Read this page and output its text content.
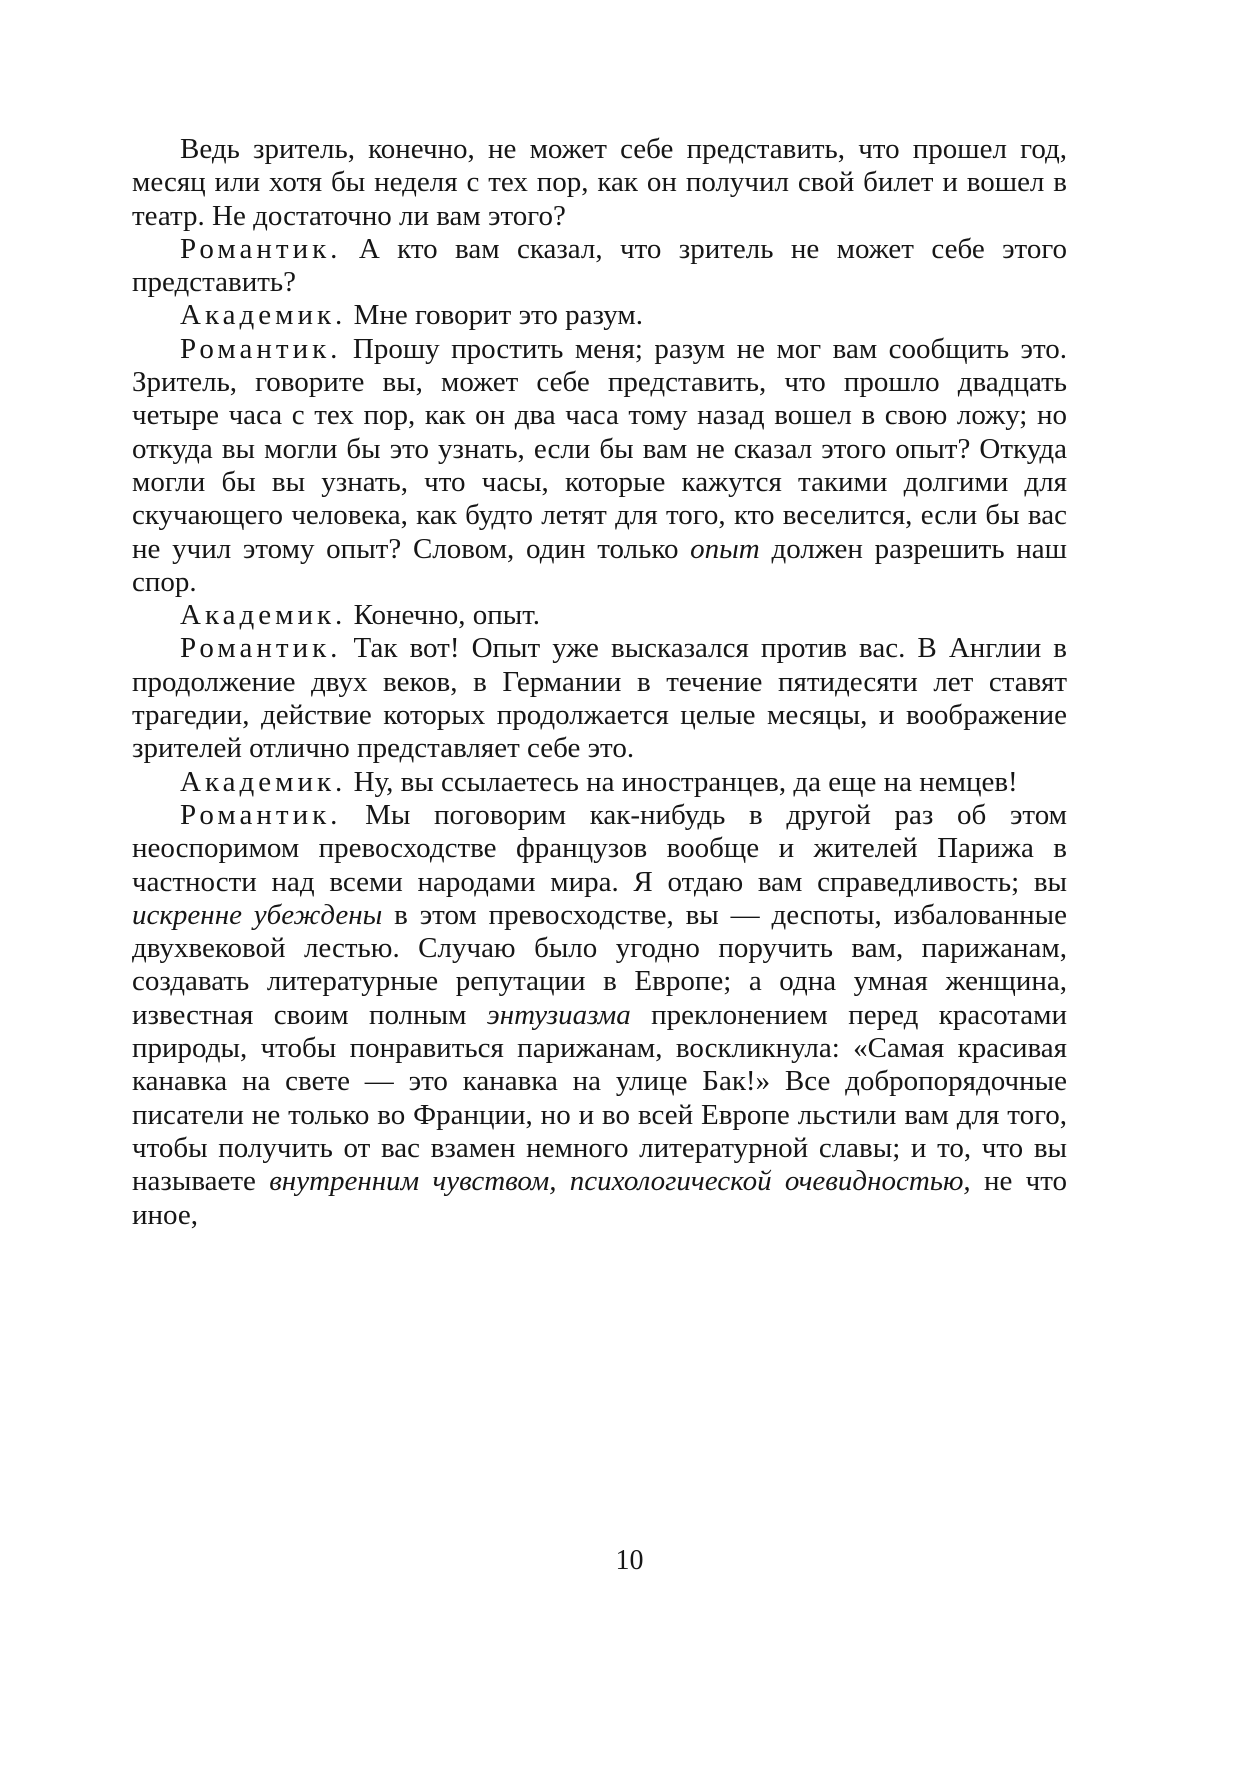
Ведь зритель, конечно, не может себе представить, что прошел год, месяц или хотя бы неделя с тех пор, как он получил свой билет и вошел в театр. Не достаточно ли вам этого?

Романтик. А кто вам сказал, что зритель не может себе этого представить?

Академик. Мне говорит это разум.

Романтик. Прошу простить меня; разум не мог вам сообщить это. Зритель, говорите вы, может себе представить, что прошло двадцать четыре часа с тех пор, как он два часа тому назад вошел в свою ложу; но откуда вы могли бы это узнать, если бы вам не сказал этого опыт? Откуда могли бы вы узнать, что часы, которые кажутся такими долгими для скучающего человека, как будто летят для того, кто веселится, если бы вас не учил этому опыт? Словом, один только опыт должен разрешить наш спор.

Академик. Конечно, опыт.

Романтик. Так вот! Опыт уже высказался против вас. В Англии в продолжение двух веков, в Германии в течение пятидесяти лет ставят трагедии, действие которых продолжается целые месяцы, и воображение зрителей отлично представляет себе это.

Академик. Ну, вы ссылаетесь на иностранцев, да еще на немцев!

Романтик. Мы поговорим как-нибудь в другой раз об этом неоспоримом превосходстве французов вообще и жителей Парижа в частности над всеми народами мира. Я отдаю вам справедливость; вы искренне убеждены в этом превосходстве, вы — деспоты, избалованные двухвековой лестью. Случаю было угодно поручить вам, парижанам, создавать литературные репутации в Европе; а одна умная женщина, известная своим полным энтузиазма преклонением перед красотами природы, чтобы понравиться парижанам, воскликнула: «Самая красивая канавка на свете — это канавка на улице Бак!» Все добропорядочные писатели не только во Франции, но и во всей Европе льстили вам для того, чтобы получить от вас взамен немного литературной славы; и то, что вы называете внутренним чувством, психологической очевидностью, не что иное,

10
